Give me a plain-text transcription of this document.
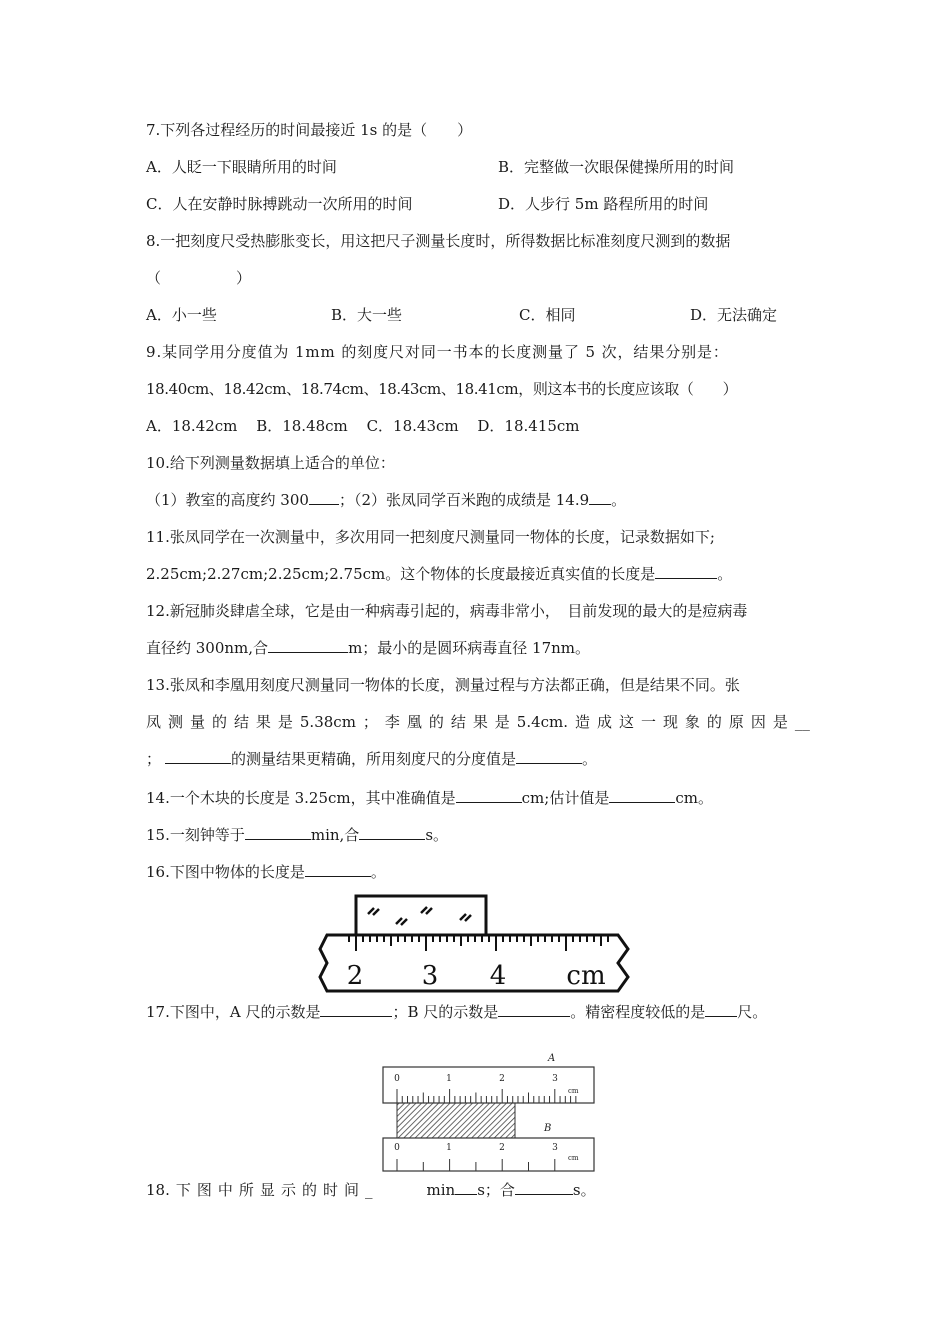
7.下列各过程经历的时间最接近 1s 的是（　　）
A．人眨一下眼睛所用的时间	B．完整做一次眼保健操所用的时间
C．人在安静时脉搏跳动一次所用的时间	D．人步行 5m 路程所用的时间
8.一把刻度尺受热膨胀变长，用这把尺子测量长度时，所得数据比标准刻度尺测到的数据
（　　　　　）
A．小一些	B．大一些	C．相同	D．无法确定
9.某同学用分度值为 1mm 的刻度尺对同一书本的长度测量了 5 次，结果分别是：
18.40cm、18.42cm、18.74cm、18.43cm、18.41cm，则这本书的长度应该取（　　）
A．18.42cm B．18.48cm C．18.43cm D．18.415cm
10.给下列测量数据填上适合的单位：
（1）教室的高度约 300 ；（2）张凤同学百米跑的成绩是 14.9 。
11.张凤同学在一次测量中，多次用同一把刻度尺测量同一物体的长度，记录数据如下;
2.25cm;2.27cm;2.25cm;2.75cm。这个物体的长度最接近真实值的长度是	。
12.新冠肺炎肆虐全球，它是由一种病毒引起的，病毒非常小，　目前发现的最大的是痘病毒
直径约 300nm,合	m；最小的是圆环病毒直径 17nm。
13.张凤和李凰用刻度尺测量同一物体的长度，测量过程与方法都正确，但是结果不同。张
凤 测 量 的 结 果 是 5.38cm ； 李 凰 的 结 果 是 5.4cm. 造 成 这 一 现 象 的 原 因 是 __
；	的测量结果更精确，所用刻度尺的分度值是	。
14.一个木块的长度是 3.25cm，其中准确值是	cm;估计值是	cm。
15.一刻钟等于	min,合	s。
16.下图中物体的长度是	。
2 3 4 cm
17.下图中，A 尺的示数是	；B 尺的示数是	。精密程度较低的是 尺。
A
0	1	2	3
cm
B
0	1	2	3
cm
18. 下 图 中 所 显 示 的 时 间 _	min s；合	s。
